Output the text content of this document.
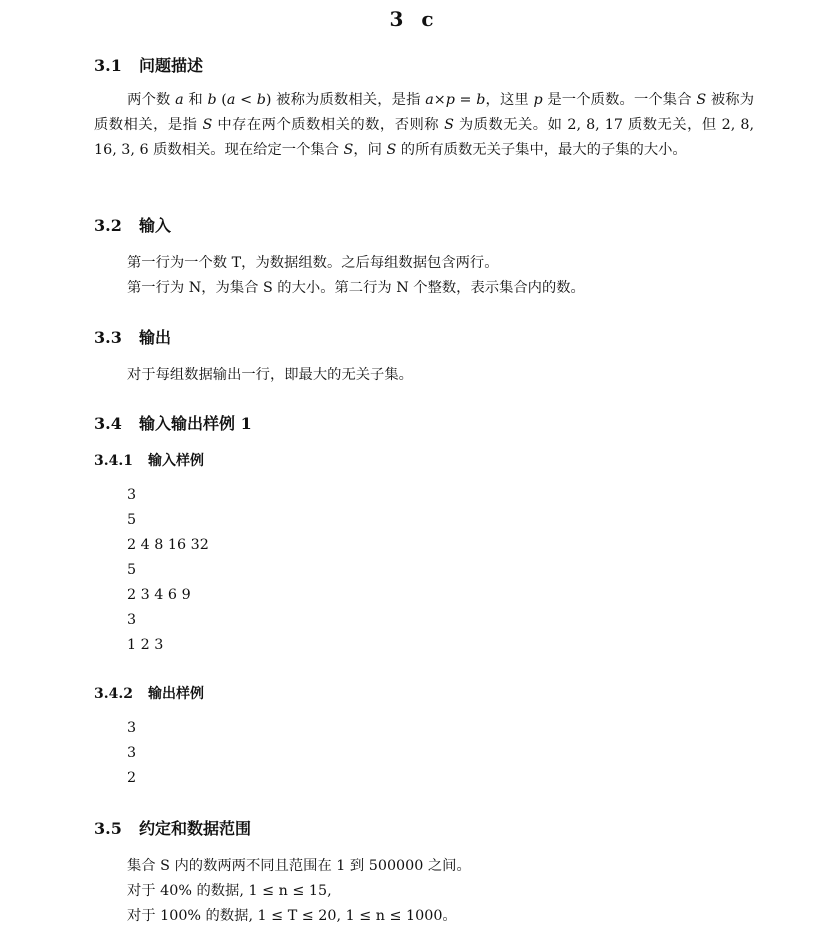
3 c
3.1 问题描述
两个数 a 和 b (a < b) 被称为质数相关，是指 a×p = b，这里 p 是一个质数。一个集合 S 被称为质数相关，是指 S 中存在两个质数相关的数，否则称 S 为质数无关。如 2, 8, 17 质数无关，但 2, 8, 16, 3, 6 质数相关。现在给定一个集合 S，问 S 的所有质数无关子集中，最大的子集的大小。
3.2 输入
第一行为一个数 T，为数据组数。之后每组数据包含两行。
第一行为 N，为集合 S 的大小。第二行为 N 个整数，表示集合内的数。
3.3 输出
对于每组数据输出一行，即最大的无关子集。
3.4 输入输出样例 1
3.4.1 输入样例
3
5
2 4 8 16 32
5
2 3 4 6 9
3
1 2 3
3.4.2 输出样例
3
3
2
3.5 约定和数据范围
集合 S 内的数两两不同且范围在 1 到 500000 之间。
对于 40% 的数据, 1 ≤ n ≤ 15,
对于 100% 的数据, 1 ≤ T ≤ 20, 1 ≤ n ≤ 1000。
